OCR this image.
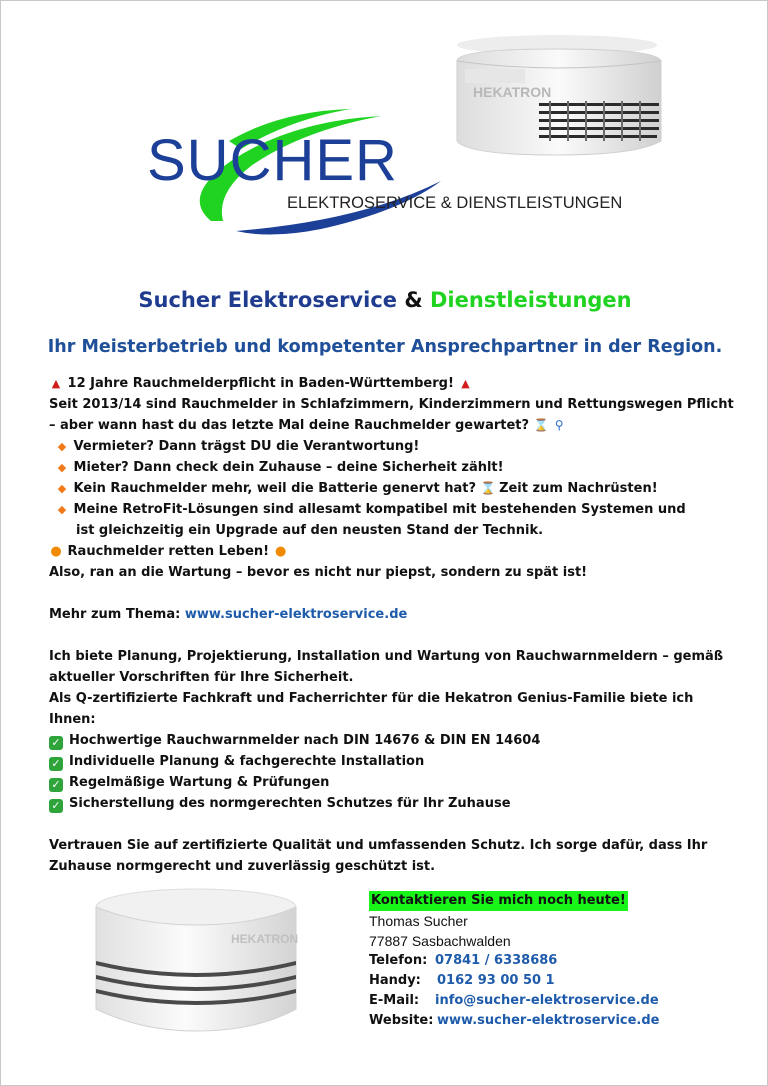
HEKATRON
SUCHER
ELEKTROSERVICE & DIENSTLEISTUNGEN
Sucher Elektroservice & Dienstleistungen
Ihr Meisterbetrieb und kompetenter Ansprechpartner in der Region.
▲ 12 Jahre Rauchmelderpflicht in Baden-Württemberg! ▲
Seit 2013/14 sind Rauchmelder in Schlafzimmern, Kinderzimmern und Rettungswegen Pflicht
– aber wann hast du das letzte Mal deine Rauchmelder gewartet? ⌛ ⚲
◆ Vermieter? Dann trägst DU die Verantwortung!
◆ Mieter? Dann check dein Zuhause – deine Sicherheit zählt!
◆ Kein Rauchmelder mehr, weil die Batterie genervt hat? ⌛ Zeit zum Nachrüsten!
◆ Meine RetroFit-Lösungen sind allesamt kompatibel mit bestehenden Systemen und
ist gleichzeitig ein Upgrade auf den neusten Stand der Technik.
● Rauchmelder retten Leben! ●
Also, ran an die Wartung – bevor es nicht nur piepst, sondern zu spät ist!
Mehr zum Thema: www.sucher-elektroservice.de
Ich biete Planung, Projektierung, Installation und Wartung von Rauchwarnmeldern – gemäß
aktueller Vorschriften für Ihre Sicherheit.
Als Q-zertifizierte Fachkraft und Facherrichter für die Hekatron Genius-Familie biete ich
Ihnen:
✓ Hochwertige Rauchwarnmelder nach DIN 14676 & DIN EN 14604
✓ Individuelle Planung & fachgerechte Installation
✓ Regelmäßige Wartung & Prüfungen
✓ Sicherstellung des normgerechten Schutzes für Ihr Zuhause
Vertrauen Sie auf zertifizierte Qualität und umfassenden Schutz. Ich sorge dafür, dass Ihr
Zuhause normgerecht und zuverlässig geschützt ist.
HEKATRON
Kontaktieren Sie mich noch heute!
Thomas Sucher
77887 Sasbachwalden
Telefon: 07841 / 6338686
Handy: 0162 93 00 50 1
E-Mail: info@sucher-elektroservice.de
Website: www.sucher-elektroservice.de
